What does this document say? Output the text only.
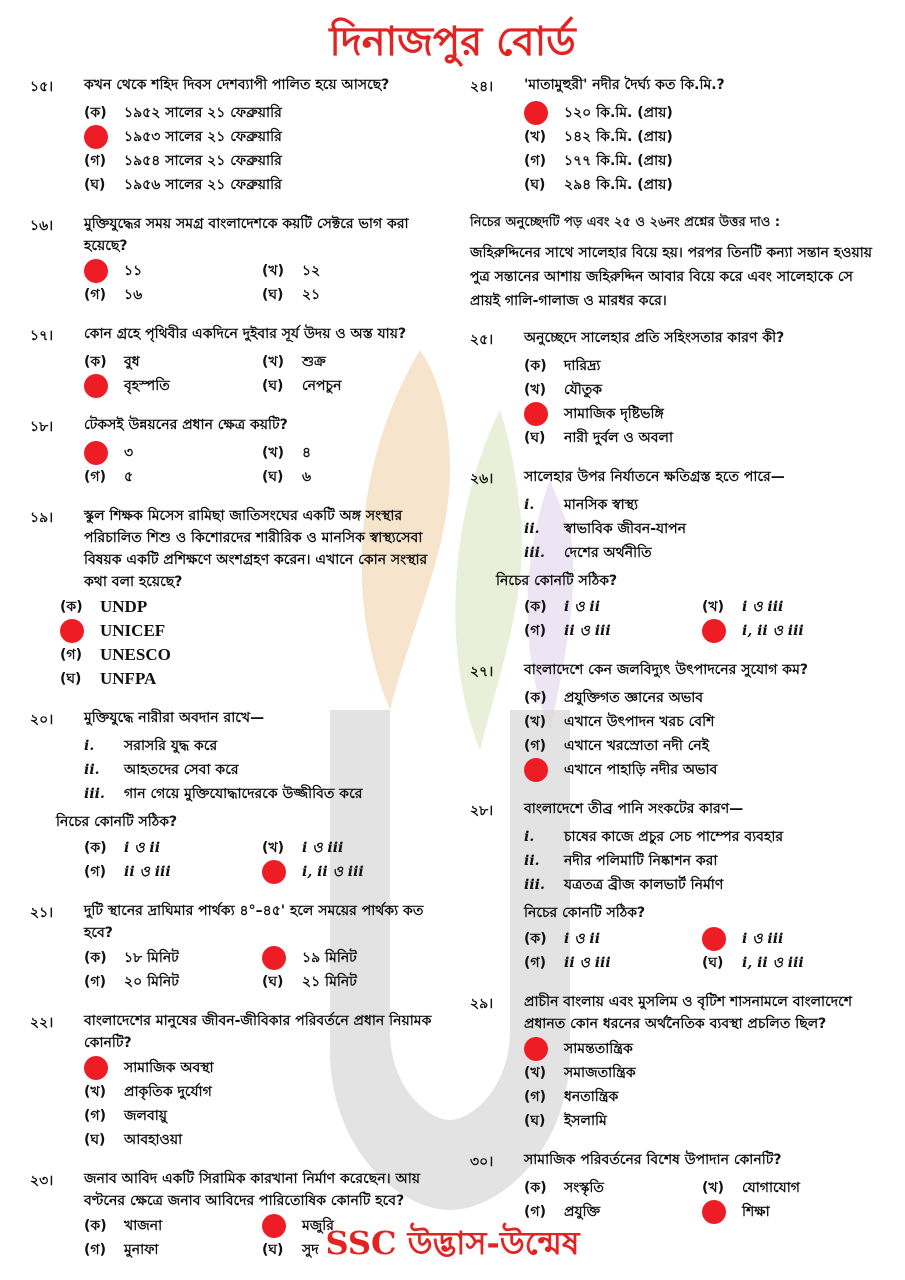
দিনাজপুর বোর্ড
১৫।	কখন থেকে শহিদ দিবস দেশব্যাপী পালিত হয়ে আসছে?
(ক)	১৯৫২ সালের ২১ ফেব্রুয়ারি
১৯৫৩ সালের ২১ ফেব্রুয়ারি
(গ)	১৯৫৪ সালের ২১ ফেব্রুয়ারি
(ঘ)	১৯৫৬ সালের ২১ ফেব্রুয়ারি
১৬।	মুক্তিযুদ্ধের সময় সমগ্র বাংলাদেশকে কয়টি সেক্টরে ভাগ করা হয়েছে?
১১	(খ)	১২
(গ)	১৬	(ঘ)	২১
১৭।	কোন গ্রহে পৃথিবীর একদিনে দুইবার সূর্য উদয় ও অস্ত যায়?
(ক)	বুধ	(খ)	শুক্র
বৃহস্পতি	(ঘ)	নেপচুন
১৮।	টেকসই উন্নয়নের প্রধান ক্ষেত্র কয়টি?
৩	(খ)	৪
(গ)	৫	(ঘ)	৬
১৯।	স্কুল শিক্ষক মিসেস রামিছা জাতিসংঘের একটি অঙ্গ সংস্থার পরিচালিত শিশু ও কিশোরদের শারীরিক ও মানসিক স্বাস্থ্যসেবা বিষয়ক একটি প্রশিক্ষণে অংশগ্রহণ করেন। এখানে কোন সংস্থার কথা বলা হয়েছে?
(ক)	UNDP
UNICEF
(গ)	UNESCO
(ঘ)	UNFPA
২০।	মুক্তিযুদ্ধে নারীরা অবদান রাখে—
i.	সরাসরি যুদ্ধ করে
ii.	আহতদের সেবা করে
iii.	গান গেয়ে মুক্তিযোদ্ধাদেরকে উজ্জীবিত করে
নিচের কোনটি সঠিক?
(ক)	i ও ii	(খ)	i ও iii
(গ)	ii ও iii	i, ii ও iii
২১।	দুটি স্থানের দ্রাঘিমার পার্থক্য ৪°–৪৫' হলে সময়ের পার্থক্য কত হবে?
(ক)	১৮ মিনিট	১৯ মিনিট
(গ)	২০ মিনিট	(ঘ)	২১ মিনিট
২২।	বাংলাদেশের মানুষের জীবন-জীবিকার পরিবর্তনে প্রধান নিয়ামক কোনটি?
সামাজিক অবস্থা
(খ)	প্রাকৃতিক দুর্যোগ
(গ)	জলবায়ু
(ঘ)	আবহাওয়া
২৩।	জনাব আবিদ একটি সিরামিক কারখানা নির্মাণ করেছেন। আয় বণ্টনের ক্ষেত্রে জনাব আবিদের পারিতোষিক কোনটি হবে?
(ক)	খাজনা	মজুরি
(গ)	মুনাফা	(ঘ)	সুদ
২৪।	'মাতামুহুরী' নদীর দৈর্ঘ্য কত কি.মি.?
১২০ কি.মি. (প্রায়)
(খ)	১৪২ কি.মি. (প্রায়)
(গ)	১৭৭ কি.মি. (প্রায়)
(ঘ)	২৯৪ কি.মি. (প্রায়)
নিচের অনুচ্ছেদটি পড় এবং ২৫ ও ২৬নং প্রশ্নের উত্তর দাও :
জহিরুদ্দিনের সাথে সালেহার বিয়ে হয়। পরপর তিনটি কন্যা সন্তান হওয়ায় পুত্র সন্তানের আশায় জহিরুদ্দিন আবার বিয়ে করে এবং সালেহাকে সে প্রায়ই গালি-গালাজ ও মারধর করে।
২৫।	অনুচ্ছেদে সালেহার প্রতি সহিংসতার কারণ কী?
(ক)	দারিদ্র্য
(খ)	যৌতুক
সামাজিক দৃষ্টিভঙ্গি
(ঘ)	নারী দুর্বল ও অবলা
২৬।	সালেহার উপর নির্যাতনে ক্ষতিগ্রস্ত হতে পারে—
i.	মানসিক স্বাস্থ্য
ii.	স্বাভাবিক জীবন-যাপন
iii.	দেশের অর্থনীতি
নিচের কোনটি সঠিক?
(ক)	i ও ii	(খ)	i ও iii
(গ)	ii ও iii	i, ii ও iii
২৭।	বাংলাদেশে কেন জলবিদ্যুৎ উৎপাদনের সুযোগ কম?
(ক)	প্রযুক্তিগত জ্ঞানের অভাব
(খ)	এখানে উৎপাদন খরচ বেশি
(গ)	এখানে খরস্রোতা নদী নেই
এখানে পাহাড়ি নদীর অভাব
২৮।	বাংলাদেশে তীব্র পানি সংকটের কারণ—
i.	চাষের কাজে প্রচুর সেচ পাম্পের ব্যবহার
ii.	নদীর পলিমাটি নিষ্কাশন করা
iii.	যত্রতত্র ব্রীজ কালভার্ট নির্মাণ
নিচের কোনটি সঠিক?
(ক)	i ও ii	i ও iii
(গ)	ii ও iii	(ঘ)	i, ii ও iii
২৯।	প্রাচীন বাংলায় এবং মুসলিম ও বৃটিশ শাসনামলে বাংলাদেশে প্রধানত কোন ধরনের অর্থনৈতিক ব্যবস্থা প্রচলিত ছিল?
সামন্ততান্ত্রিক
(খ)	সমাজতান্ত্রিক
(গ)	ধনতান্ত্রিক
(ঘ)	ইসলামি
৩০।	সামাজিক পরিবর্তনের বিশেষ উপাদান কোনটি?
(ক)	সংস্কৃতি	(খ)	যোগাযোগ
(গ)	প্রযুক্তি	শিক্ষা
SSC উদ্ভাস-উন্মেষ
